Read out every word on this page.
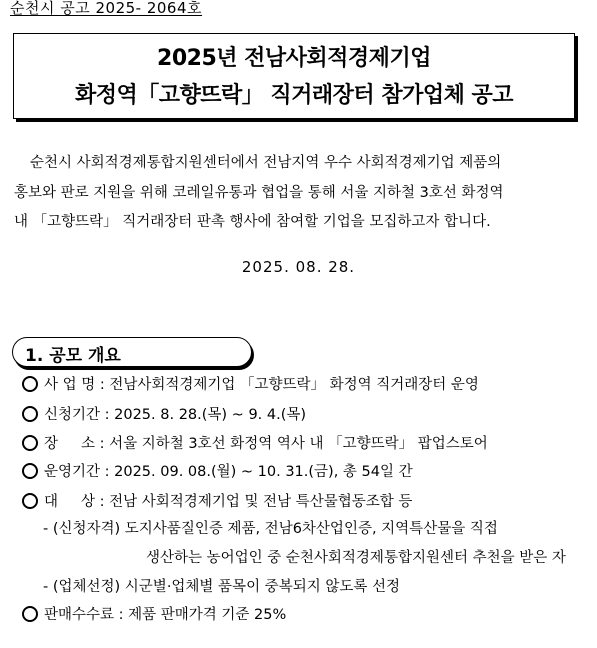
순천시 공고 2025- 2064호
2025년 전남사회적경제기업
화정역「고향뜨락」 직거래장터 참가업체 공고
순천시 사회적경제통합지원센터에서 전남지역 우수 사회적경제기업 제품의
홍보와 판로 지원을 위해 코레일유통과 협업을 통해 서울 지하철 3호선 화정역
내 「고향뜨락」 직거래장터 판촉 행사에 참여할 기업을 모집하고자 합니다.
2025. 08. 28.
1. 공모 개요
사 업 명 : 전남사회적경제기업 「고향뜨락」 화정역 직거래장터 운영
신청기간 : 2025. 8. 28.(목) ~ 9. 4.(목)
장     소 : 서울 지하철 3호선 화정역 역사 내 「고향뜨락」 팝업스토어
운영기간 : 2025. 09. 08.(월) ~ 10. 31.(금), 총 54일 간
대     상 : 전남 사회적경제기업 및 전남 특산물협동조합 등
- (신청자격) 도지사품질인증 제품, 전남6차산업인증, 지역특산물을 직접
생산하는 농어업인 중 순천사회적경제통합지원센터 추천을 받은 자
- (업체선정) 시군별·업체별 품목이 중복되지 않도록 선정
판매수수료 : 제품 판매가격 기준 25%
